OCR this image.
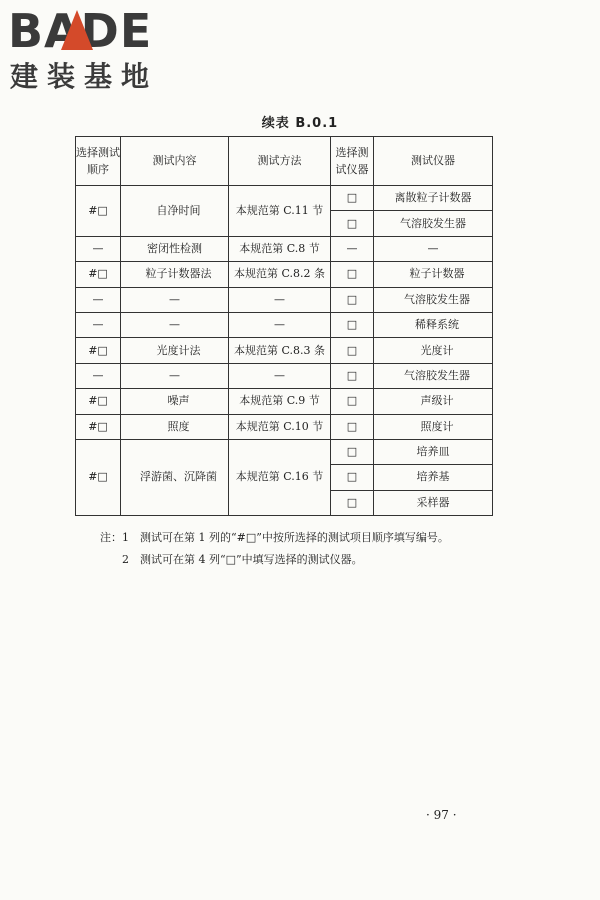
BADE
建装基地
续表 B.0.1
选择测试顺序	测试内容	测试方法	选择测试仪器	测试仪器
#□	自净时间	本规范第 C.11 节	□	离散粒子计数器
			□	气溶胶发生器
—	密闭性检测	本规范第 C.8 节	—	—
#□	粒子计数器法	本规范第 C.8.2 条	□	粒子计数器
—	—	—	□	气溶胶发生器
—	—	—	□	稀释系统
#□	光度计法	本规范第 C.8.3 条	□	光度计
—	—	—	□	气溶胶发生器
#□	噪声	本规范第 C.9 节	□	声级计
#□	照度	本规范第 C.10 节	□	照度计
#□	浮游菌、沉降菌	本规范第 C.16 节	□	培养皿
			□	培养基
			□	采样器
注：1　测试可在第 1 列的“#□”中按所选择的测试项目顺序填写编号。
　　2　测试可在第 4 列“□”中填写选择的测试仪器。
· 97 ·
